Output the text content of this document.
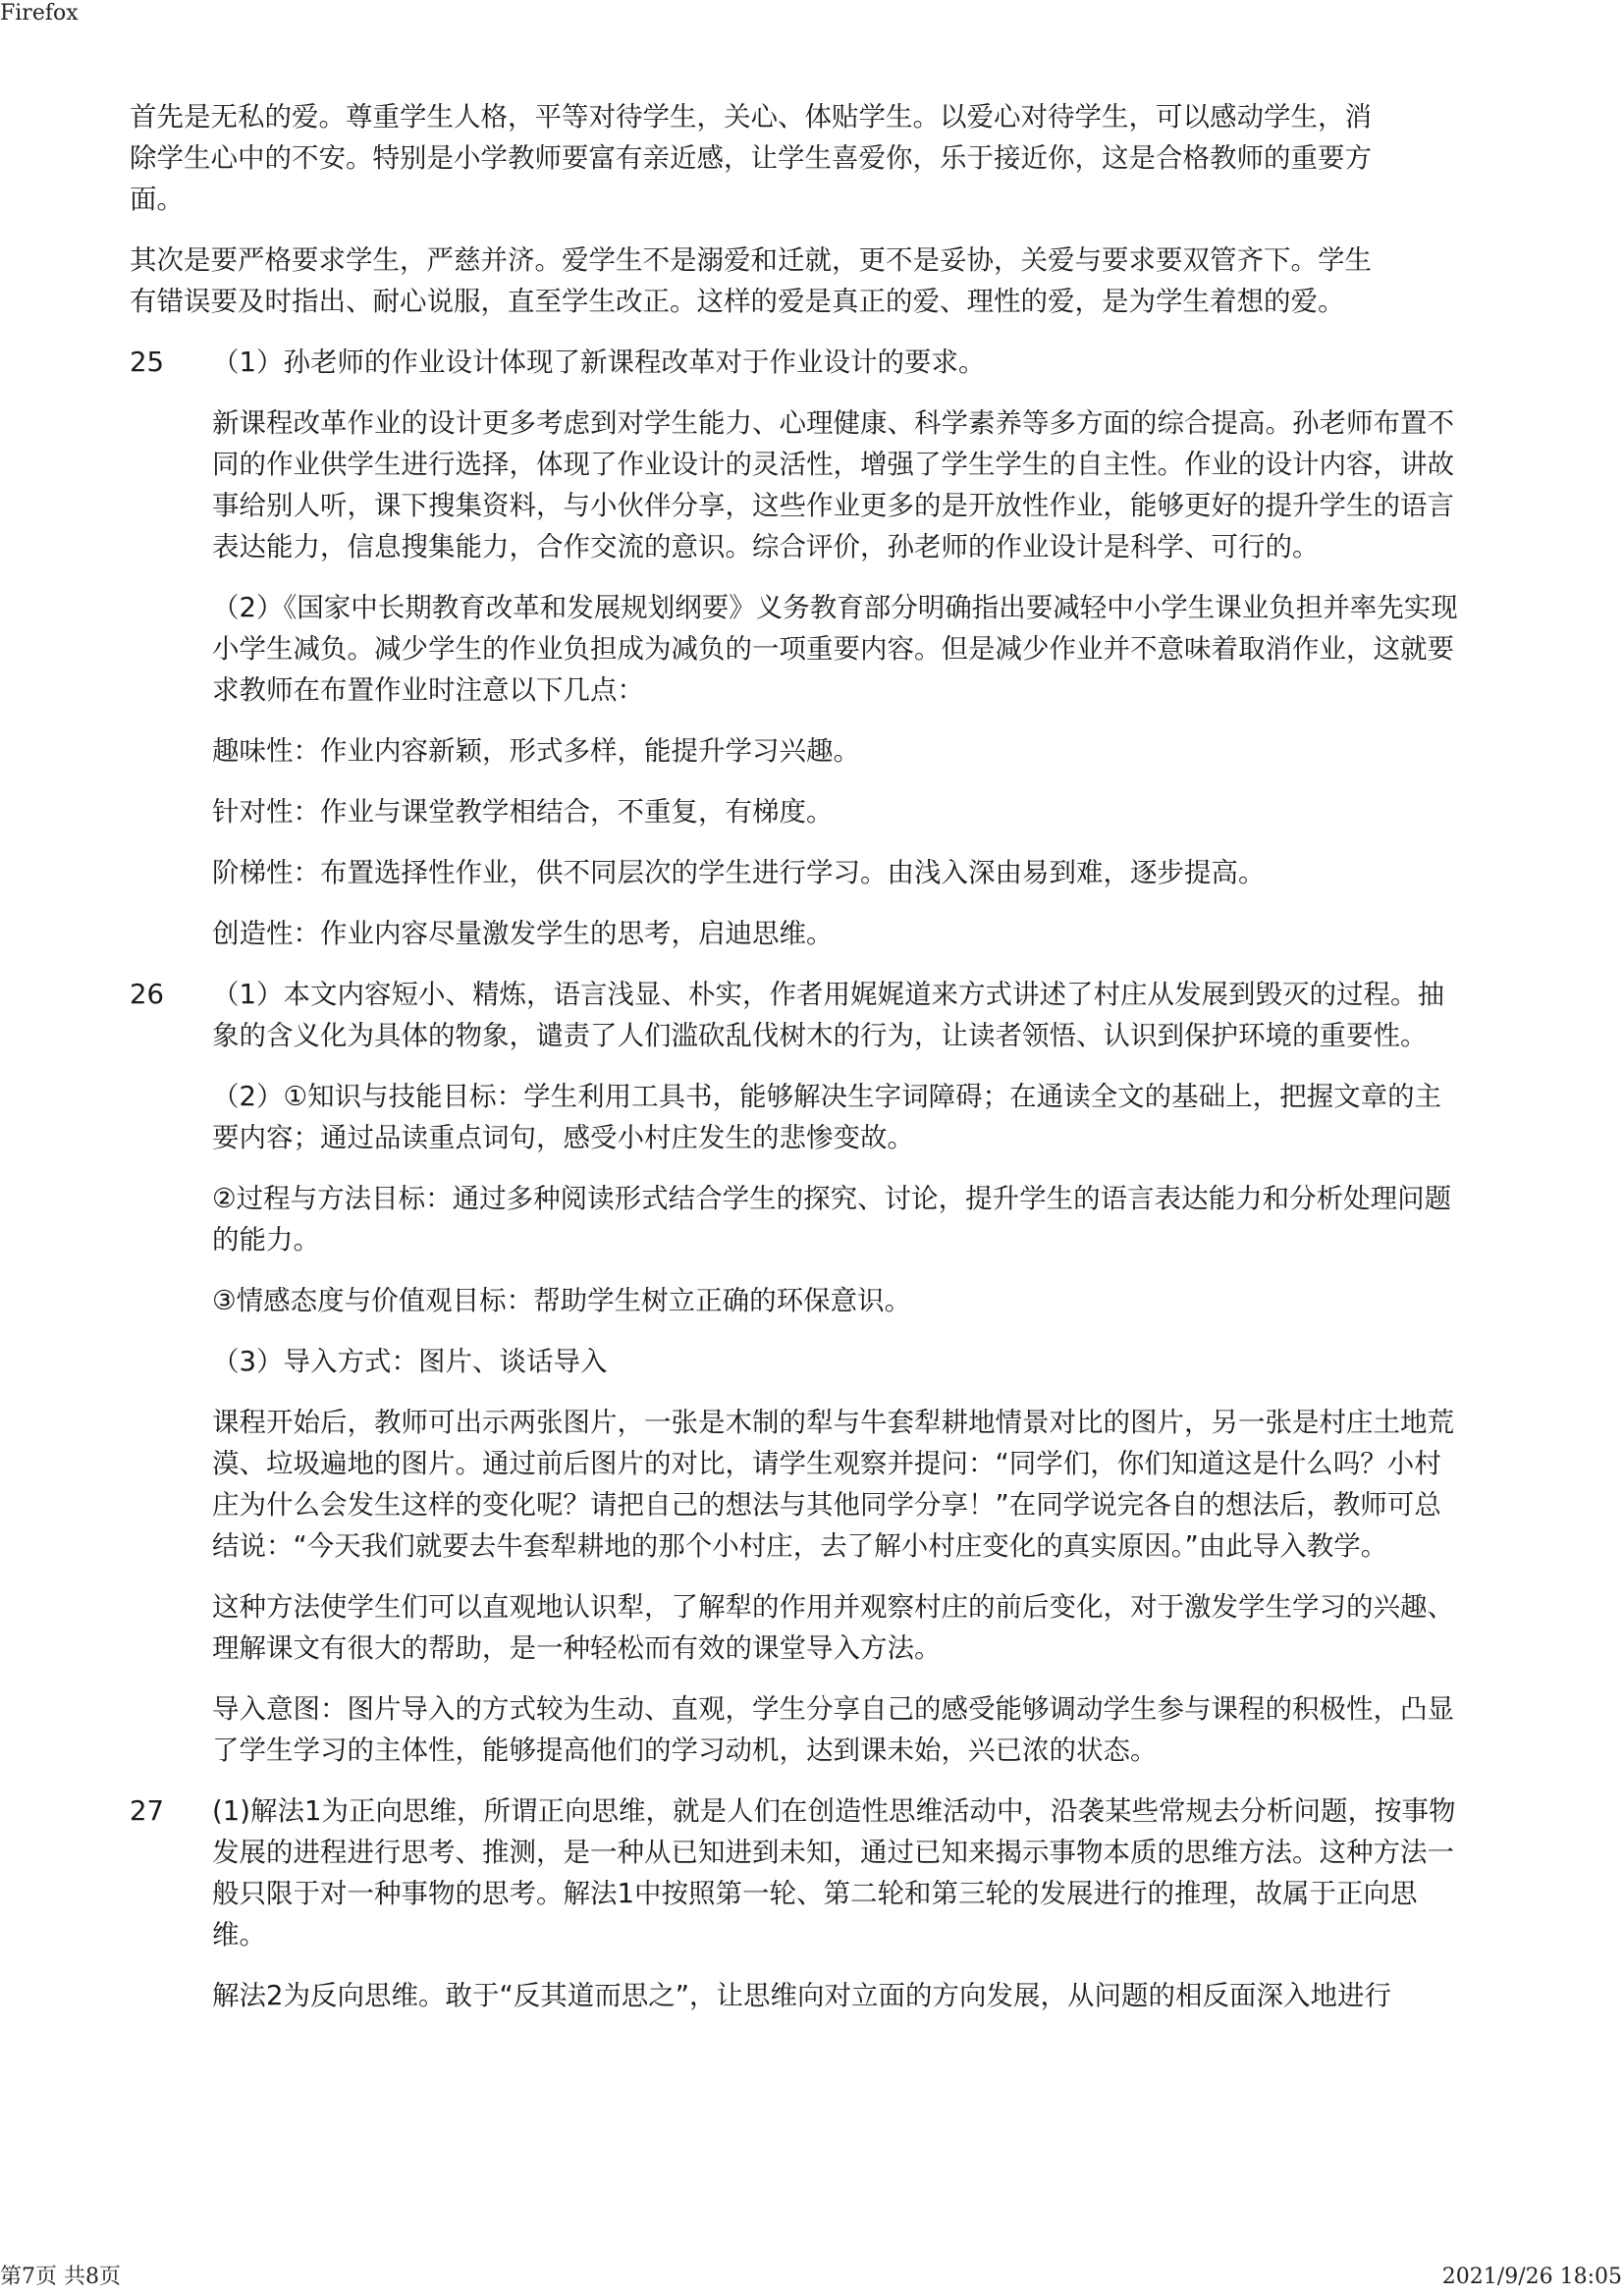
Firefox

首先是无私的爱。尊重学生人格，平等对待学生，关心、体贴学生。以爱心对待学生，可以感动学生，消除学生心中的不安。特别是小学教师要富有亲近感，让学生喜爱你，乐于接近你，这是合格教师的重要方面。

其次是要严格要求学生，严慈并济。爱学生不是溺爱和迁就，更不是妥协，关爱与要求要双管齐下。学生有错误要及时指出、耐心说服，直至学生改正。这样的爱是真正的爱、理性的爱，是为学生着想的爱。

25	（1）孙老师的作业设计体现了新课程改革对于作业设计的要求。

新课程改革作业的设计更多考虑到对学生能力、心理健康、科学素养等多方面的综合提高。孙老师布置不同的作业供学生进行选择，体现了作业设计的灵活性，增强了学生学生的自主性。作业的设计内容，讲故事给别人听，课下搜集资料，与小伙伴分享，这些作业更多的是开放性作业，能够更好的提升学生的语言表达能力，信息搜集能力，合作交流的意识。综合评价，孙老师的作业设计是科学、可行的。

（2）《国家中长期教育改革和发展规划纲要》义务教育部分明确指出要减轻中小学生课业负担并率先实现小学生减负。减少学生的作业负担成为减负的一项重要内容。但是减少作业并不意味着取消作业，这就要求教师在布置作业时注意以下几点：

趣味性：作业内容新颖，形式多样，能提升学习兴趣。

针对性：作业与课堂教学相结合，不重复，有梯度。

阶梯性：布置选择性作业，供不同层次的学生进行学习。由浅入深由易到难，逐步提高。

创造性：作业内容尽量激发学生的思考，启迪思维。

26	（1）本文内容短小、精炼，语言浅显、朴实，作者用娓娓道来方式讲述了村庄从发展到毁灭的过程。抽象的含义化为具体的物象，谴责了人们滥砍乱伐树木的行为，让读者领悟、认识到保护环境的重要性。

（2）①知识与技能目标：学生利用工具书，能够解决生字词障碍；在通读全文的基础上，把握文章的主要内容；通过品读重点词句，感受小村庄发生的悲惨变故。

②过程与方法目标：通过多种阅读形式结合学生的探究、讨论，提升学生的语言表达能力和分析处理问题的能力。

③情感态度与价值观目标：帮助学生树立正确的环保意识。

（3）导入方式：图片、谈话导入

课程开始后，教师可出示两张图片，一张是木制的犁与牛套犁耕地情景对比的图片，另一张是村庄土地荒漠、垃圾遍地的图片。通过前后图片的对比，请学生观察并提问：“同学们，你们知道这是什么吗？小村庄为什么会发生这样的变化呢？请把自己的想法与其他同学分享！”在同学说完各自的想法后，教师可总结说：“今天我们就要去牛套犁耕地的那个小村庄，去了解小村庄变化的真实原因。”由此导入教学。

这种方法使学生们可以直观地认识犁，了解犁的作用并观察村庄的前后变化，对于激发学生学习的兴趣、理解课文有很大的帮助，是一种轻松而有效的课堂导入方法。

导入意图：图片导入的方式较为生动、直观，学生分享自己的感受能够调动学生参与课程的积极性，凸显了学生学习的主体性，能够提高他们的学习动机，达到课未始，兴已浓的状态。

27	(1)解法1为正向思维，所谓正向思维，就是人们在创造性思维活动中，沿袭某些常规去分析问题，按事物发展的进程进行思考、推测，是一种从已知进到未知，通过已知来揭示事物本质的思维方法。这种方法一般只限于对一种事物的思考。解法1中按照第一轮、第二轮和第三轮的发展进行的推理，故属于正向思维。

解法2为反向思维。敢于“反其道而思之”，让思维向对立面的方向发展，从问题的相反面深入地进行

第7页 共8页	2021/9/26 18:05
